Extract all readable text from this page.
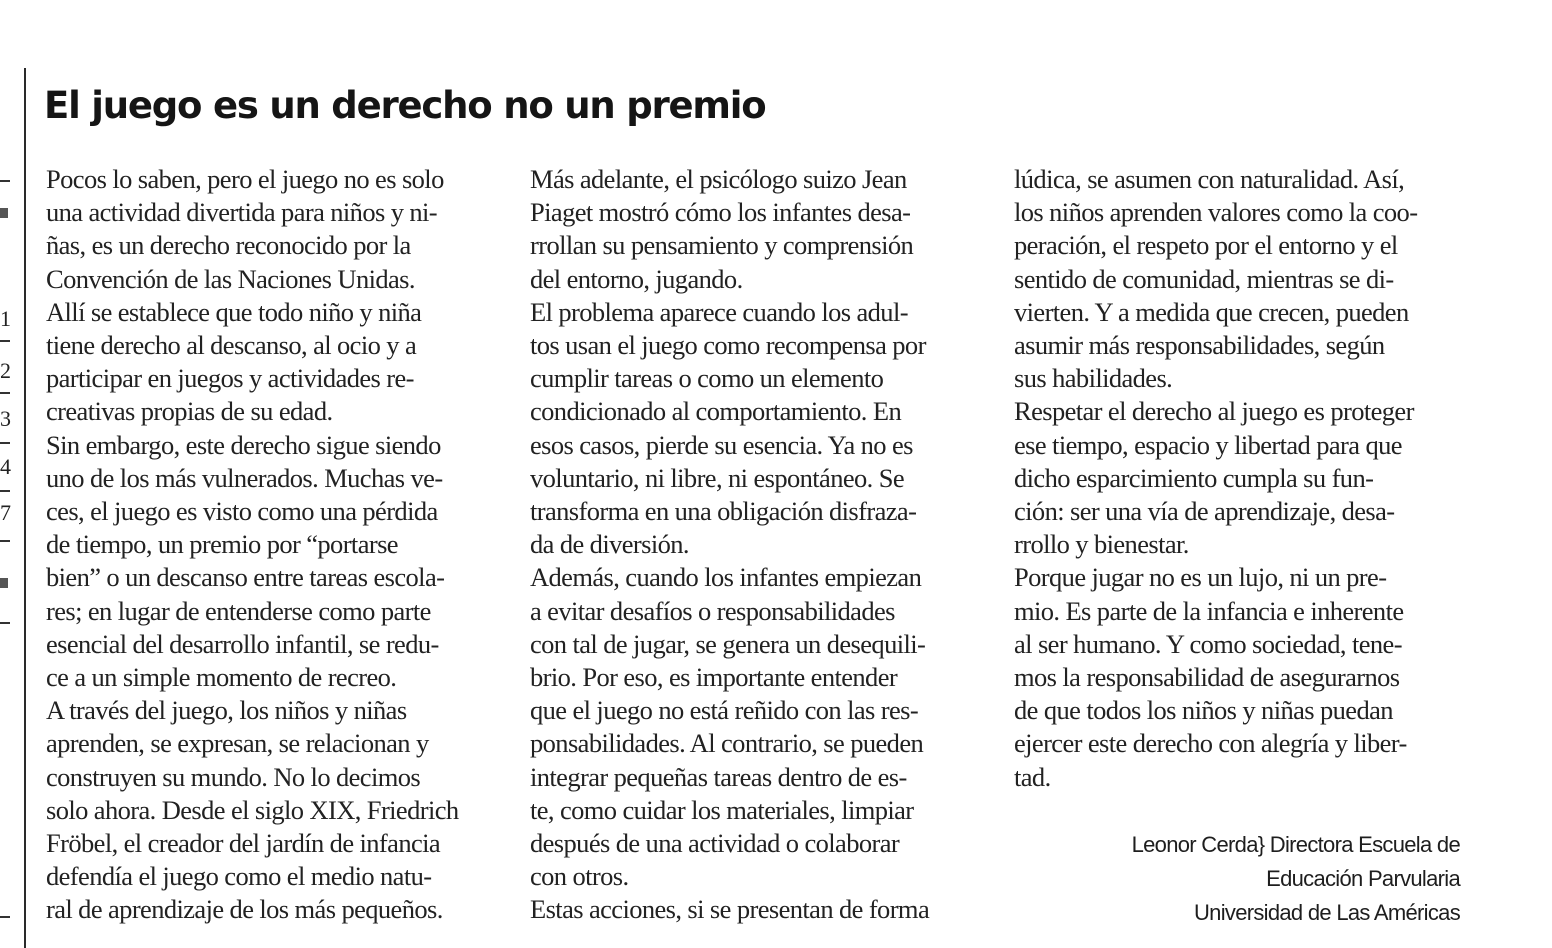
1
2
3
4
7
El juego es un derecho no un premio
Pocos lo saben, pero el juego no es solo
una actividad divertida para niños y ni-
ñas, es un derecho reconocido por la
Convención de las Naciones Unidas.
Allí se establece que todo niño y niña
tiene derecho al descanso, al ocio y a
participar en juegos y actividades re-
creativas propias de su edad.
Sin embargo, este derecho sigue siendo
uno de los más vulnerados. Muchas ve-
ces, el juego es visto como una pérdida
de tiempo, un premio por “portarse
bien” o un descanso entre tareas escola-
res; en lugar de entenderse como parte
esencial del desarrollo infantil, se redu-
ce a un simple momento de recreo.
A través del juego, los niños y niñas
aprenden, se expresan, se relacionan y
construyen su mundo. No lo decimos
solo ahora. Desde el siglo XIX, Friedrich
Fröbel, el creador del jardín de infancia
defendía el juego como el medio natu-
ral de aprendizaje de los más pequeños.
Más adelante, el psicólogo suizo Jean
Piaget mostró cómo los infantes desa-
rrollan su pensamiento y comprensión
del entorno, jugando.
El problema aparece cuando los adul-
tos usan el juego como recompensa por
cumplir tareas o como un elemento
condicionado al comportamiento. En
esos casos, pierde su esencia. Ya no es
voluntario, ni libre, ni espontáneo. Se
transforma en una obligación disfraza-
da de diversión.
Además, cuando los infantes empiezan
a evitar desafíos o responsabilidades
con tal de jugar, se genera un desequili-
brio. Por eso, es importante entender
que el juego no está reñido con las res-
ponsabilidades. Al contrario, se pueden
integrar pequeñas tareas dentro de es-
te, como cuidar los materiales, limpiar
después de una actividad o colaborar
con otros.
Estas acciones, si se presentan de forma
lúdica, se asumen con naturalidad. Así,
los niños aprenden valores como la coo-
peración, el respeto por el entorno y el
sentido de comunidad, mientras se di-
vierten. Y a medida que crecen, pueden
asumir más responsabilidades, según
sus habilidades.
Respetar el derecho al juego es proteger
ese tiempo, espacio y libertad para que
dicho esparcimiento cumpla su fun-
ción: ser una vía de aprendizaje, desa-
rrollo y bienestar.
Porque jugar no es un lujo, ni un pre-
mio. Es parte de la infancia e inherente
al ser humano. Y como sociedad, tene-
mos la responsabilidad de asegurarnos
de que todos los niños y niñas puedan
ejercer este derecho con alegría y liber-
tad.
Leonor Cerda} Directora Escuela de
Educación Parvularia
Universidad de Las Américas
